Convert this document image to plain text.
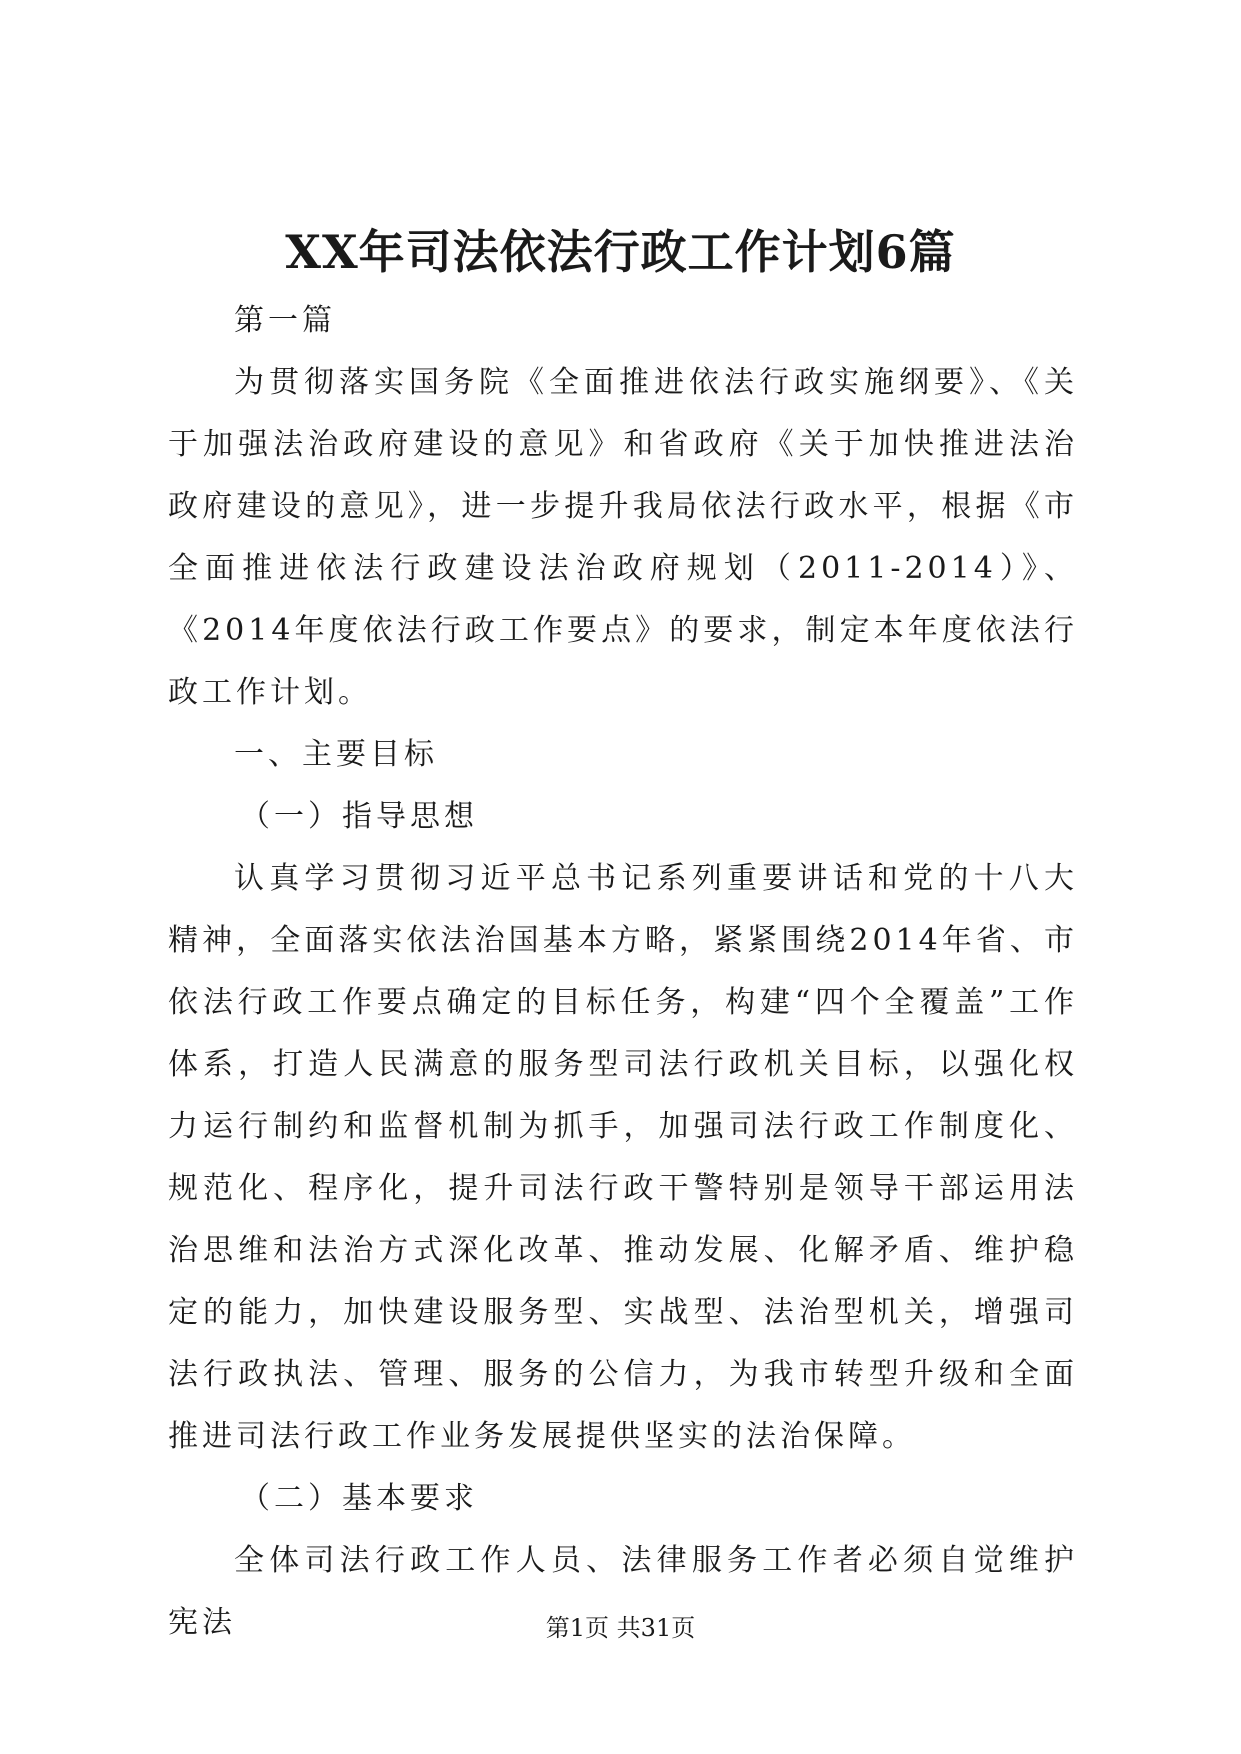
XX年司法依法行政工作计划6篇

第一篇

为贯彻落实国务院《全面推进依法行政实施纲要》、《关于加强法治政府建设的意见》和省政府《关于加快推进法治政府建设的意见》，进一步提升我局依法行政水平，根据《市全面推进依法行政建设法治政府规划（2011-2014）》、《2014年度依法行政工作要点》的要求，制定本年度依法行政工作计划。

一、主要目标

（一）指导思想

认真学习贯彻习近平总书记系列重要讲话和党的十八大精神，全面落实依法治国基本方略，紧紧围绕2014年省、市依法行政工作要点确定的目标任务，构建“四个全覆盖”工作体系，打造人民满意的服务型司法行政机关目标，以强化权力运行制约和监督机制为抓手，加强司法行政工作制度化、规范化、程序化，提升司法行政干警特别是领导干部运用法治思维和法治方式深化改革、推动发展、化解矛盾、维护稳定的能力，加快建设服务型、实战型、法治型机关，增强司法行政执法、管理、服务的公信力，为我市转型升级和全面推进司法行政工作业务发展提供坚实的法治保障。

（二）基本要求

全体司法行政工作人员、法律服务工作者必须自觉维护宪法	第1页 共31页
